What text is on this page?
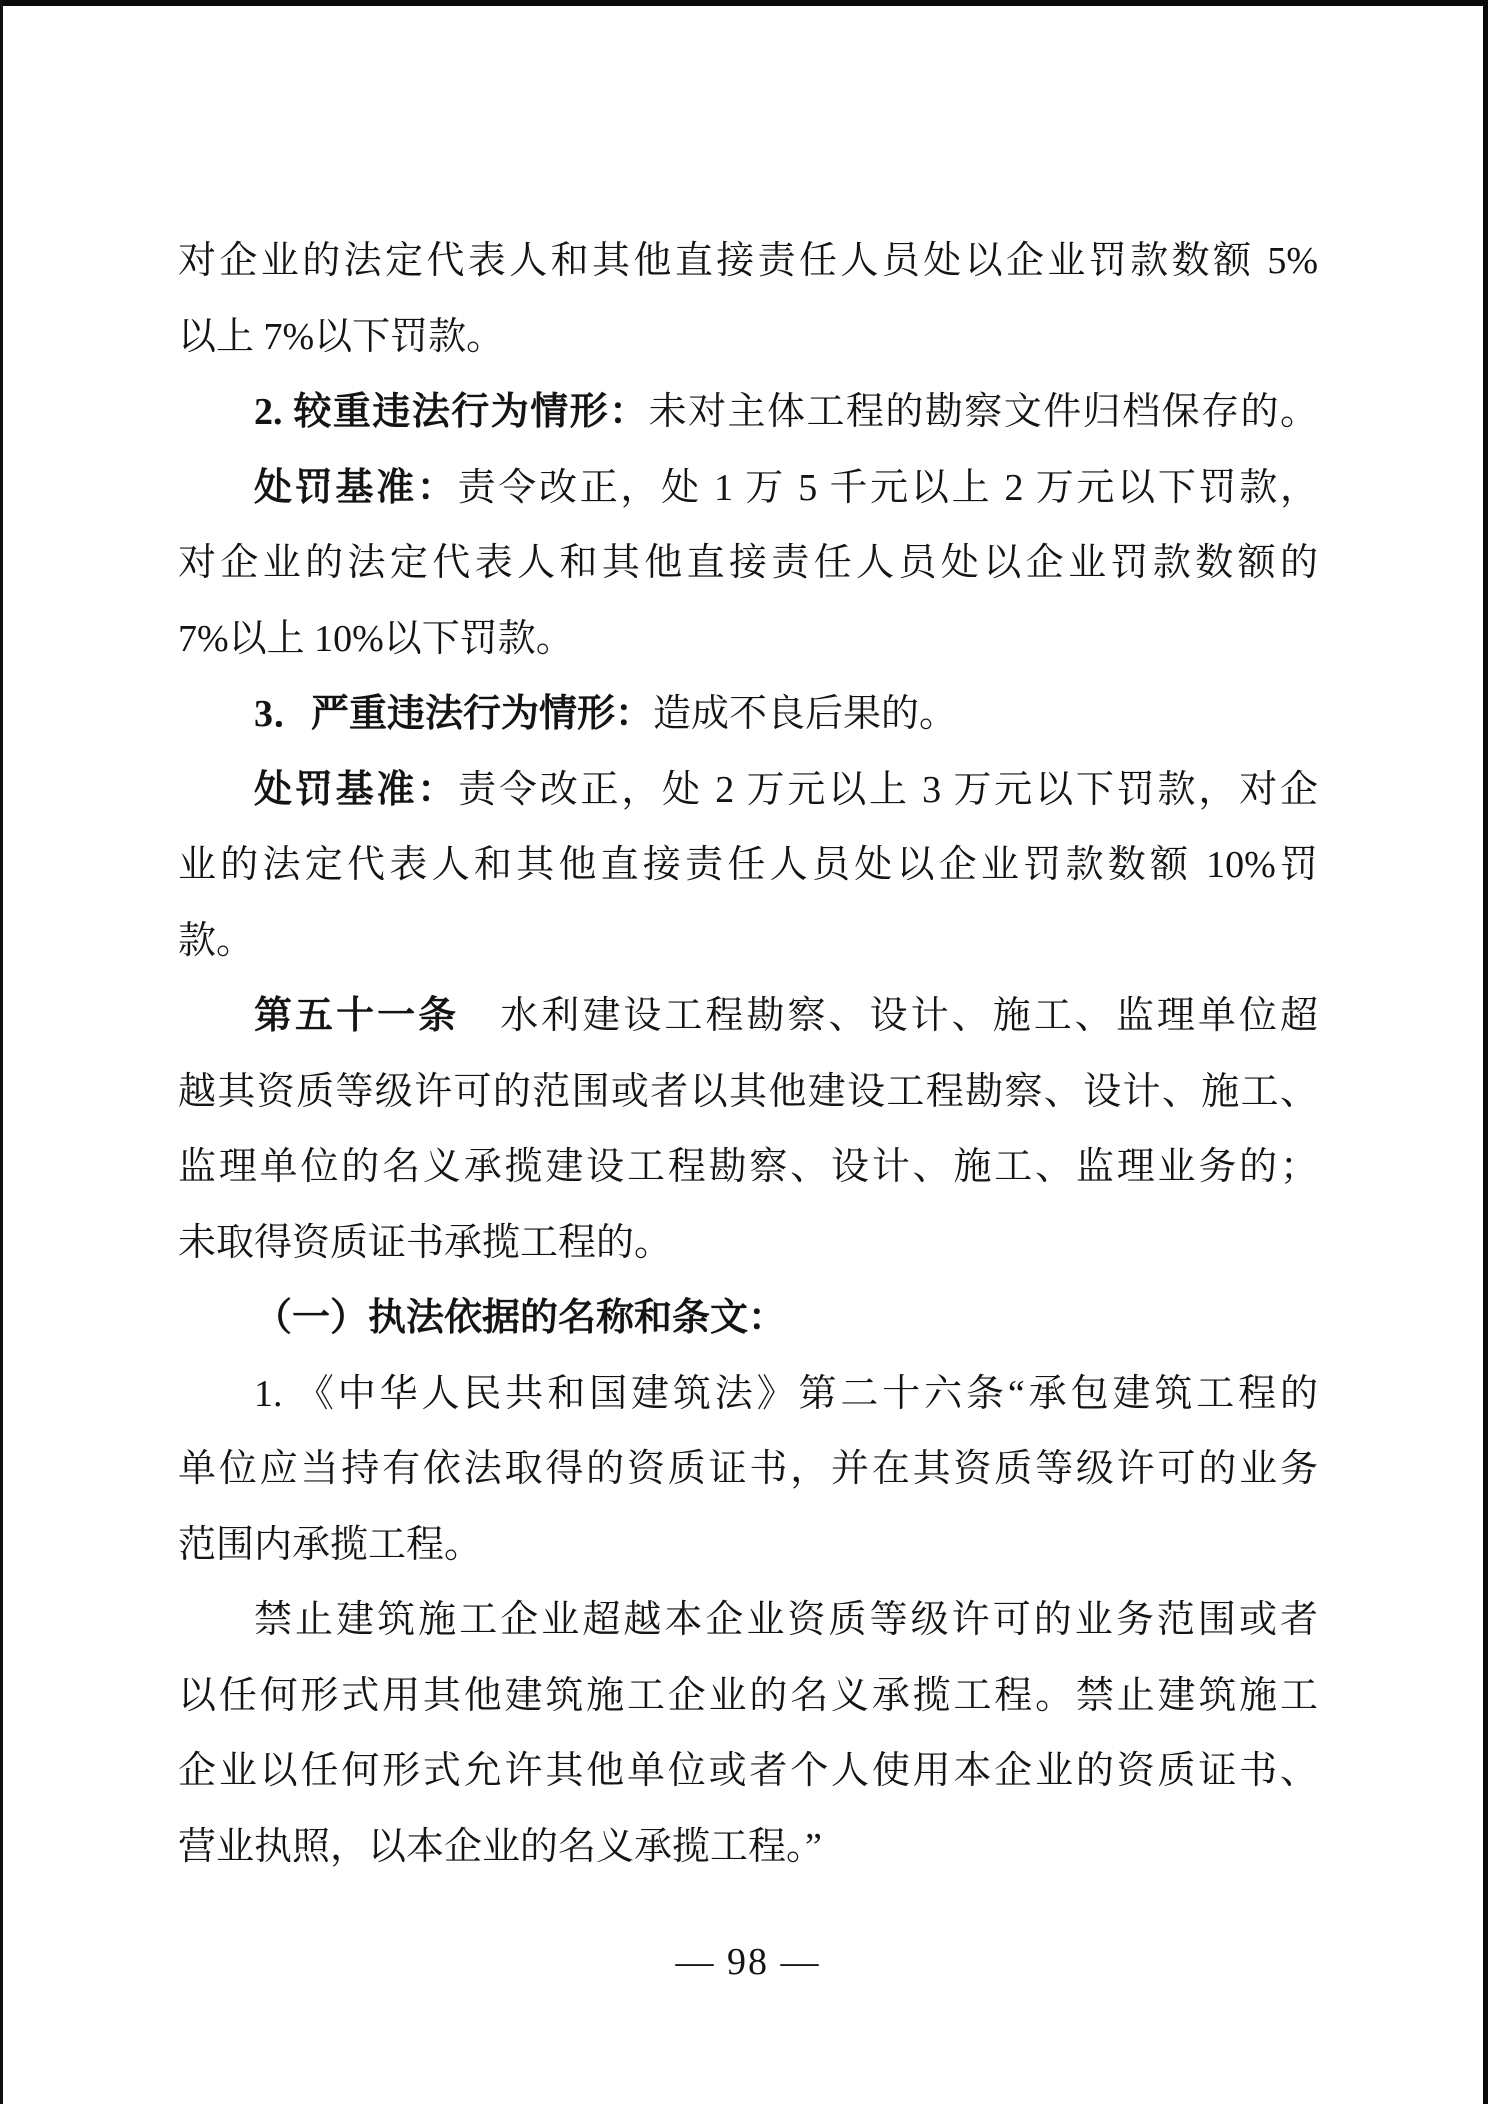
对企业的法定代表人和其他直接责任人员处以企业罚款数额 5%
以上 7%以下罚款。
2. 较重违法行为情形：未对主体工程的勘察文件归档保存的。
处罚基准：责令改正，处 1 万 5 千元以上 2 万元以下罚款，
对企业的法定代表人和其他直接责任人员处以企业罚款数额的
7%以上 10%以下罚款。
3．严重违法行为情形：造成不良后果的。
处罚基准：责令改正，处 2 万元以上 3 万元以下罚款，对企
业的法定代表人和其他直接责任人员处以企业罚款数额 10%罚
款。
第五十一条　水利建设工程勘察、设计、施工、监理单位超
越其资质等级许可的范围或者以其他建设工程勘察、设计、施工、
监理单位的名义承揽建设工程勘察、设计、施工、监理业务的；
未取得资质证书承揽工程的。
（一）执法依据的名称和条文：
1. 《中华人民共和国建筑法》第二十六条“承包建筑工程的
单位应当持有依法取得的资质证书，并在其资质等级许可的业务
范围内承揽工程。
禁止建筑施工企业超越本企业资质等级许可的业务范围或者
以任何形式用其他建筑施工企业的名义承揽工程。禁止建筑施工
企业以任何形式允许其他单位或者个人使用本企业的资质证书、
营业执照，以本企业的名义承揽工程。”
— 98 —
